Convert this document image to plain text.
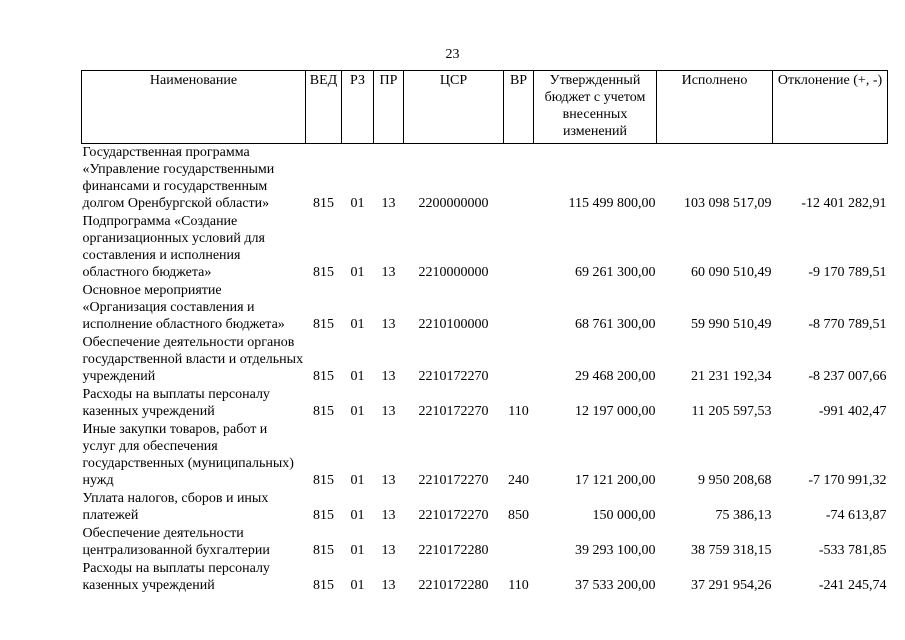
23
Наименование	ВЕД	РЗ	ПР	ЦСР	ВР	Утвержденный бюджет с учетом внесенных изменений	Исполнено	Отклонение (+, -)
Государственная программа «Управление государственными финансами и государственным долгом Оренбургской области»	815	01	13	2200000000		115 499 800,00	103 098 517,09	-12 401 282,91
Подпрограмма «Создание организационных условий для составления и исполнения областного бюджета»	815	01	13	2210000000		69 261 300,00	60 090 510,49	-9 170 789,51
Основное мероприятие «Организация составления и исполнение областного бюджета»	815	01	13	2210100000		68 761 300,00	59 990 510,49	-8 770 789,51
Обеспечение деятельности органов государственной власти и отдельных учреждений	815	01	13	2210172270		29 468 200,00	21 231 192,34	-8 237 007,66
Расходы на выплаты персоналу казенных учреждений	815	01	13	2210172270	110	12 197 000,00	11 205 597,53	-991 402,47
Иные закупки товаров, работ и услуг для обеспечения государственных (муниципальных) нужд	815	01	13	2210172270	240	17 121 200,00	9 950 208,68	-7 170 991,32
Уплата налогов, сборов и иных платежей	815	01	13	2210172270	850	150 000,00	75 386,13	-74 613,87
Обеспечение деятельности централизованной бухгалтерии	815	01	13	2210172280		39 293 100,00	38 759 318,15	-533 781,85
Расходы на выплаты персоналу казенных учреждений	815	01	13	2210172280	110	37 533 200,00	37 291 954,26	-241 245,74
